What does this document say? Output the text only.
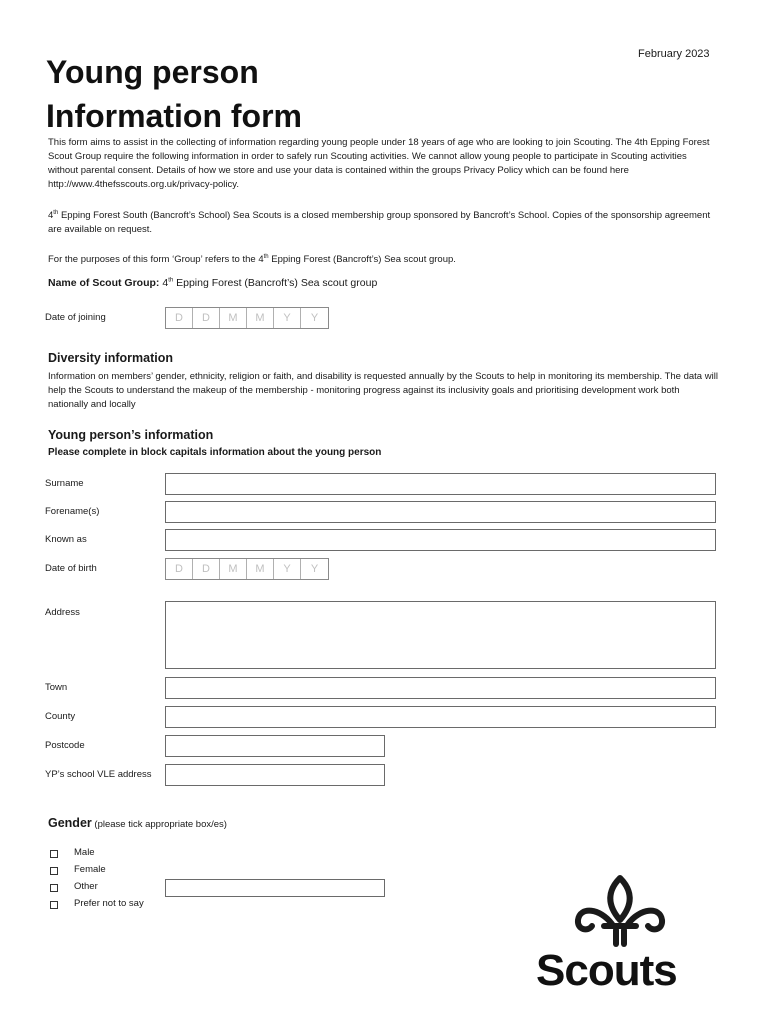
February 2023
Young person
Information form
This form aims to assist in the collecting of information regarding young people under 18 years of age who are looking to join Scouting. The 4th Epping Forest Scout Group require the following information in order to safely run Scouting activities. We cannot allow young people to participate in Scouting activities without parental consent. Details of how we store and use your data is contained within the groups Privacy Policy which can be found here http://www.4thefsscouts.org.uk/privacy-policy.
4th Epping Forest South (Bancroft’s School) Sea Scouts is a closed membership group sponsored by Bancroft’s School. Copies of the sponsorship agreement are available on request.
For the purposes of this form ‘Group’ refers to the 4th Epping Forest (Bancroft’s) Sea scout group.
Name of Scout Group: 4th Epping Forest (Bancroft’s) Sea scout group
Date of joining	D	D	M	M	Y	Y
Diversity information
Information on members’ gender, ethnicity, religion or faith, and disability is requested annually by the Scouts to help in monitoring its membership. The data will help the Scouts to understand the makeup of the membership - monitoring progress against its inclusivity goals and prioritising development work both nationally and locally
Young person’s information
Please complete in block capitals information about the young person
Surname
Forename(s)
Known as
Date of birth	D	D	M	M	Y	Y
Address
Town
County
Postcode
YP’s school VLE address
Gender (please tick appropriate box/es)
Male
Female
Other
Prefer not to say
Scouts
